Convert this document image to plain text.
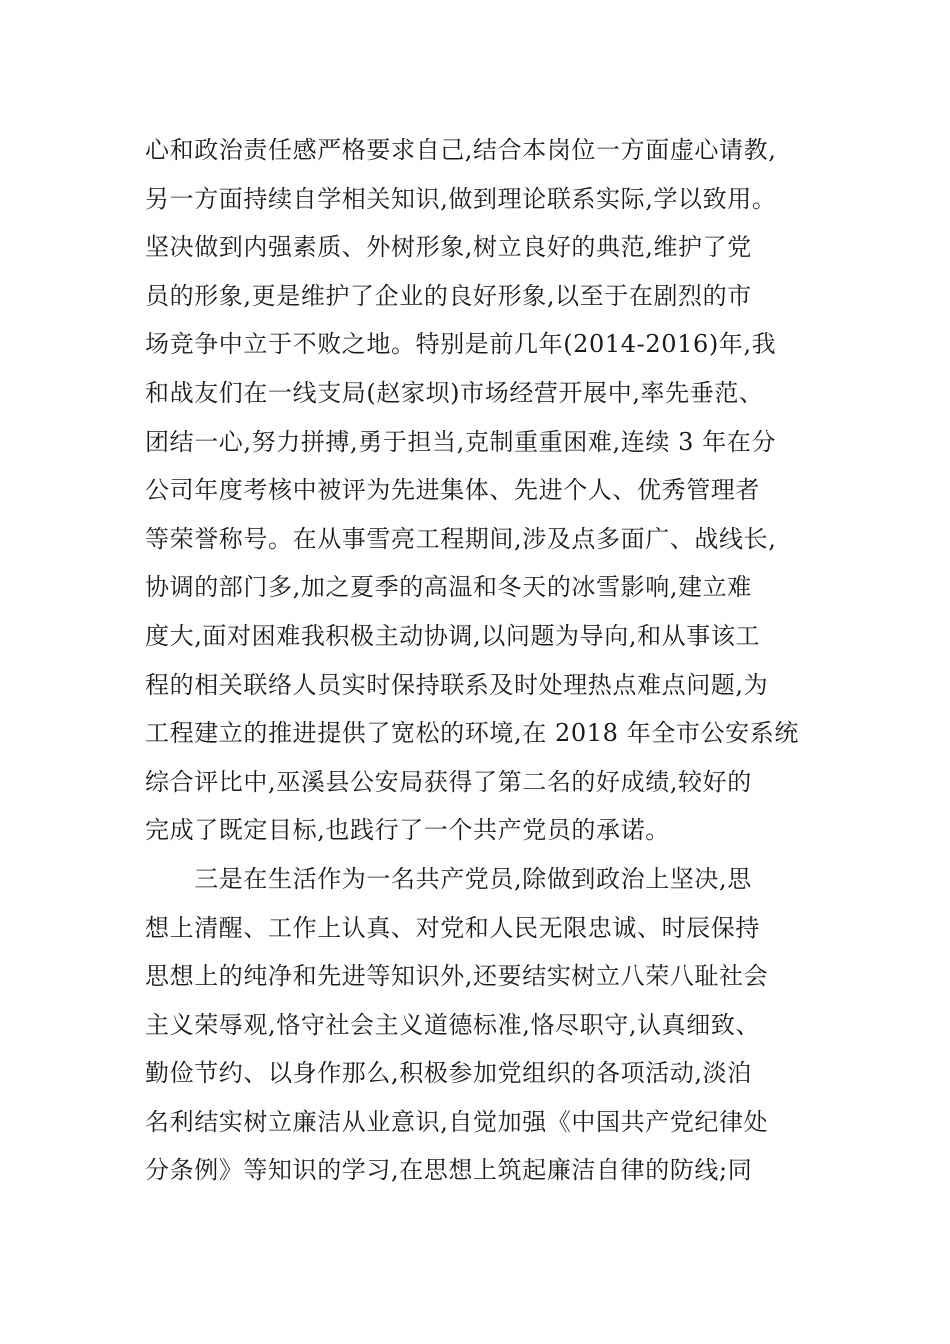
心和政治责任感严格要求自己,结合本岗位一方面虚心请教,
另一方面持续自学相关知识,做到理论联系实际,学以致用。
坚决做到内强素质、外树形象,树立良好的典范,维护了党
员的形象,更是维护了企业的良好形象,以至于在剧烈的市
场竞争中立于不败之地。特别是前几年(2014-2016)年,我
和战友们在一线支局(赵家坝)市场经营开展中,率先垂范、
团结一心,努力拼搏,勇于担当,克制重重困难,连续 3 年在分
公司年度考核中被评为先进集体、先进个人、优秀管理者
等荣誉称号。在从事雪亮工程期间,涉及点多面广、战线长,
协调的部门多,加之夏季的高温和冬天的冰雪影响,建立难
度大,面对困难我积极主动协调,以问题为导向,和从事该工
程的相关联络人员实时保持联系及时处理热点难点问题,为
工程建立的推进提供了宽松的环境,在 2018 年全市公安系统
综合评比中,巫溪县公安局获得了第二名的好成绩,较好的
完成了既定目标,也践行了一个共产党员的承诺。
　　三是在生活作为一名共产党员,除做到政治上坚决,思
想上清醒、工作上认真、对党和人民无限忠诚、时辰保持
思想上的纯净和先进等知识外,还要结实树立八荣八耻社会
主义荣辱观,恪守社会主义道德标准,恪尽职守,认真细致、
勤俭节约、以身作那么,积极参加党组织的各项活动,淡泊
名利结实树立廉洁从业意识,自觉加强《中国共产党纪律处
分条例》等知识的学习,在思想上筑起廉洁自律的防线;同
